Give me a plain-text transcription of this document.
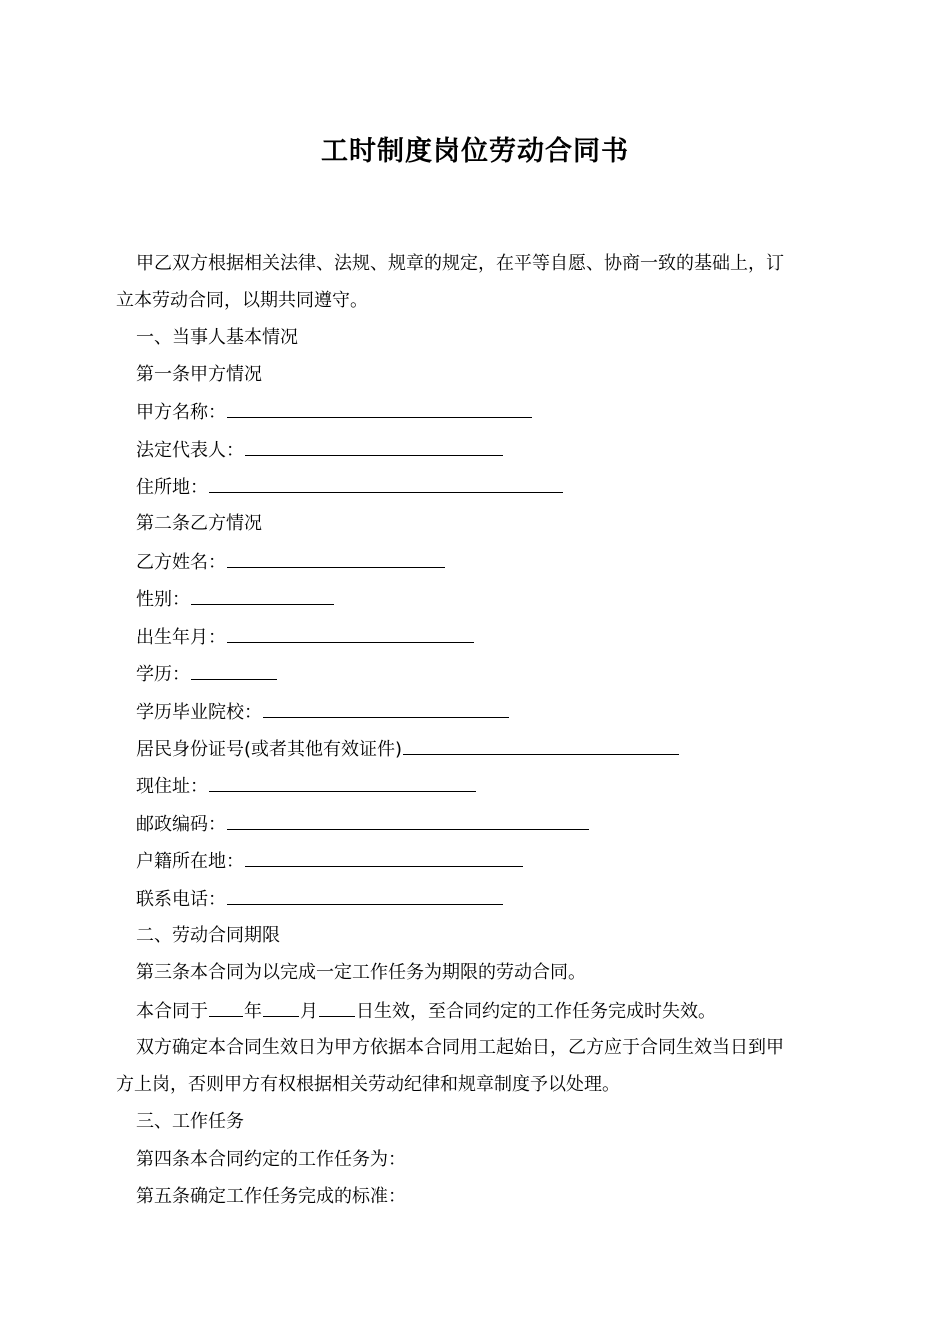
工时制度岗位劳动合同书
甲乙双方根据相关法律、法规、规章的规定，在平等自愿、协商一致的基础上，订
立本劳动合同，以期共同遵守。
一、当事人基本情况
第一条甲方情况
甲方名称：
法定代表人：
住所地：
第二条乙方情况
乙方姓名：
性别：
出生年月：
学历：
学历毕业院校：
居民身份证号(或者其他有效证件)
现住址：
邮政编码：
户籍所在地：
联系电话：
二、劳动合同期限
第三条本合同为以完成一定工作任务为期限的劳动合同。
本合同于 年 月 日生效，至合同约定的工作任务完成时失效。
双方确定本合同生效日为甲方依据本合同用工起始日，乙方应于合同生效当日到甲
方上岗，否则甲方有权根据相关劳动纪律和规章制度予以处理。
三、工作任务
第四条本合同约定的工作任务为：
第五条确定工作任务完成的标准：
